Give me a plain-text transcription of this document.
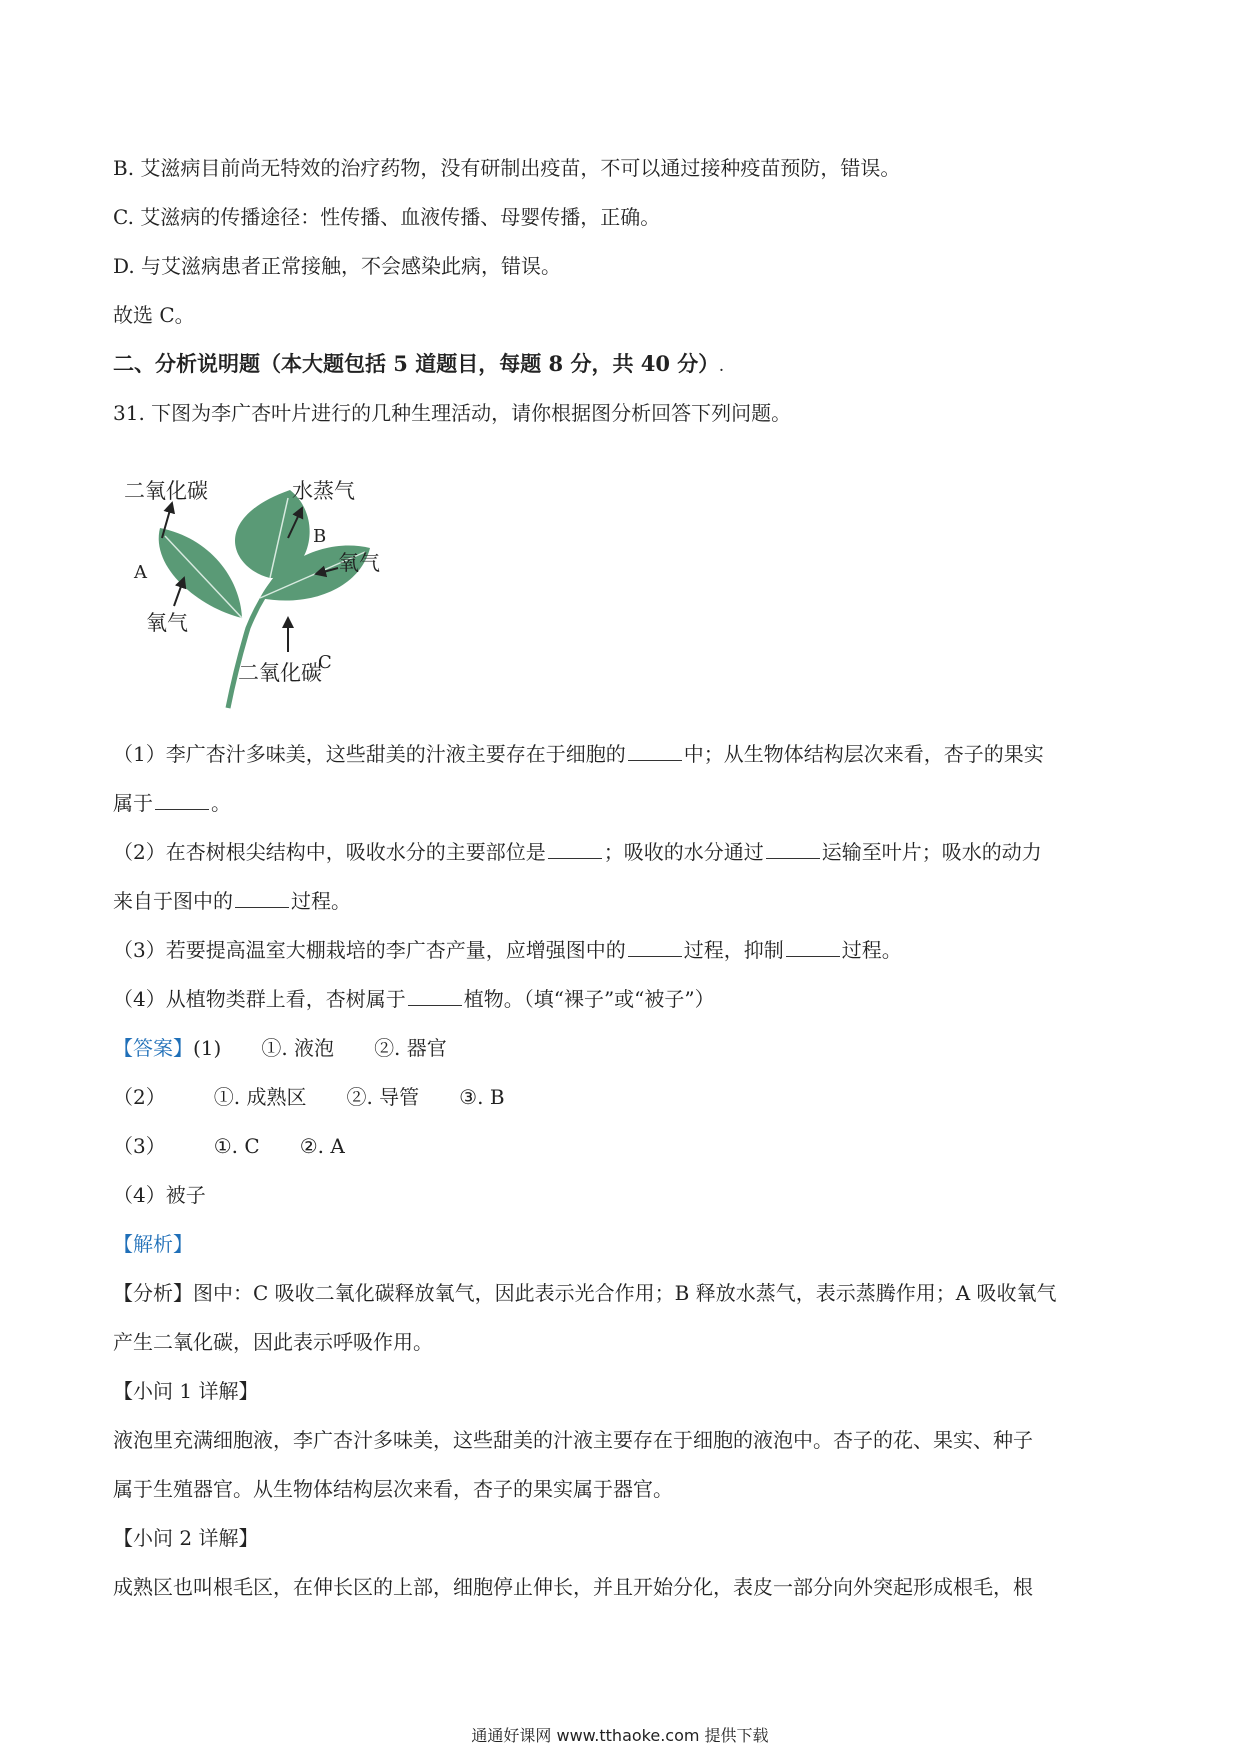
B. 艾滋病目前尚无特效的治疗药物，没有研制出疫苗，不可以通过接种疫苗预防，错误。
C. 艾滋病的传播途径：性传播、血液传播、母婴传播，正确。
D. 与艾滋病患者正常接触，不会感染此病，错误。
故选 C。
二、分析说明题（本大题包括 5 道题目，每题 8 分，共 40 分）.
31. 下图为李广杏叶片进行的几种生理活动，请你根据图分析回答下列问题。
二氧化碳	水蒸气
B
A
氧气
氧气
二氧化碳
C
（1）李广杏汁多味美，这些甜美的汁液主要存在于细胞的	中；从生物体结构层次来看，杏子的果实
属于	。
（2）在杏树根尖结构中，吸收水分的主要部位是	；吸收的水分通过	运输至叶片；吸水的动力
来自于图中的	过程。
（3）若要提高温室大棚栽培的李广杏产量，应增强图中的	过程，抑制	过程。
（4）从植物类群上看，杏树属于	植物。（填“裸子”或“被子”）
【答案】(1) ①. 液泡 ②. 器官
（2） ①. 成熟区 ②. 导管 ③. B
（3） ①. C ②. A
（4）被子
【解析】
【分析】图中：C 吸收二氧化碳释放氧气，因此表示光合作用；B 释放水蒸气，表示蒸腾作用；A 吸收氧气
产生二氧化碳，因此表示呼吸作用。
【小问 1 详解】
液泡里充满细胞液，李广杏汁多味美，这些甜美的汁液主要存在于细胞的液泡中。杏子的花、果实、种子
属于生殖器官。从生物体结构层次来看，杏子的果实属于器官。
【小问 2 详解】
成熟区也叫根毛区，在伸长区的上部，细胞停止伸长，并且开始分化，表皮一部分向外突起形成根毛，根
通通好课网 www.tthaoke.com 提供下载
